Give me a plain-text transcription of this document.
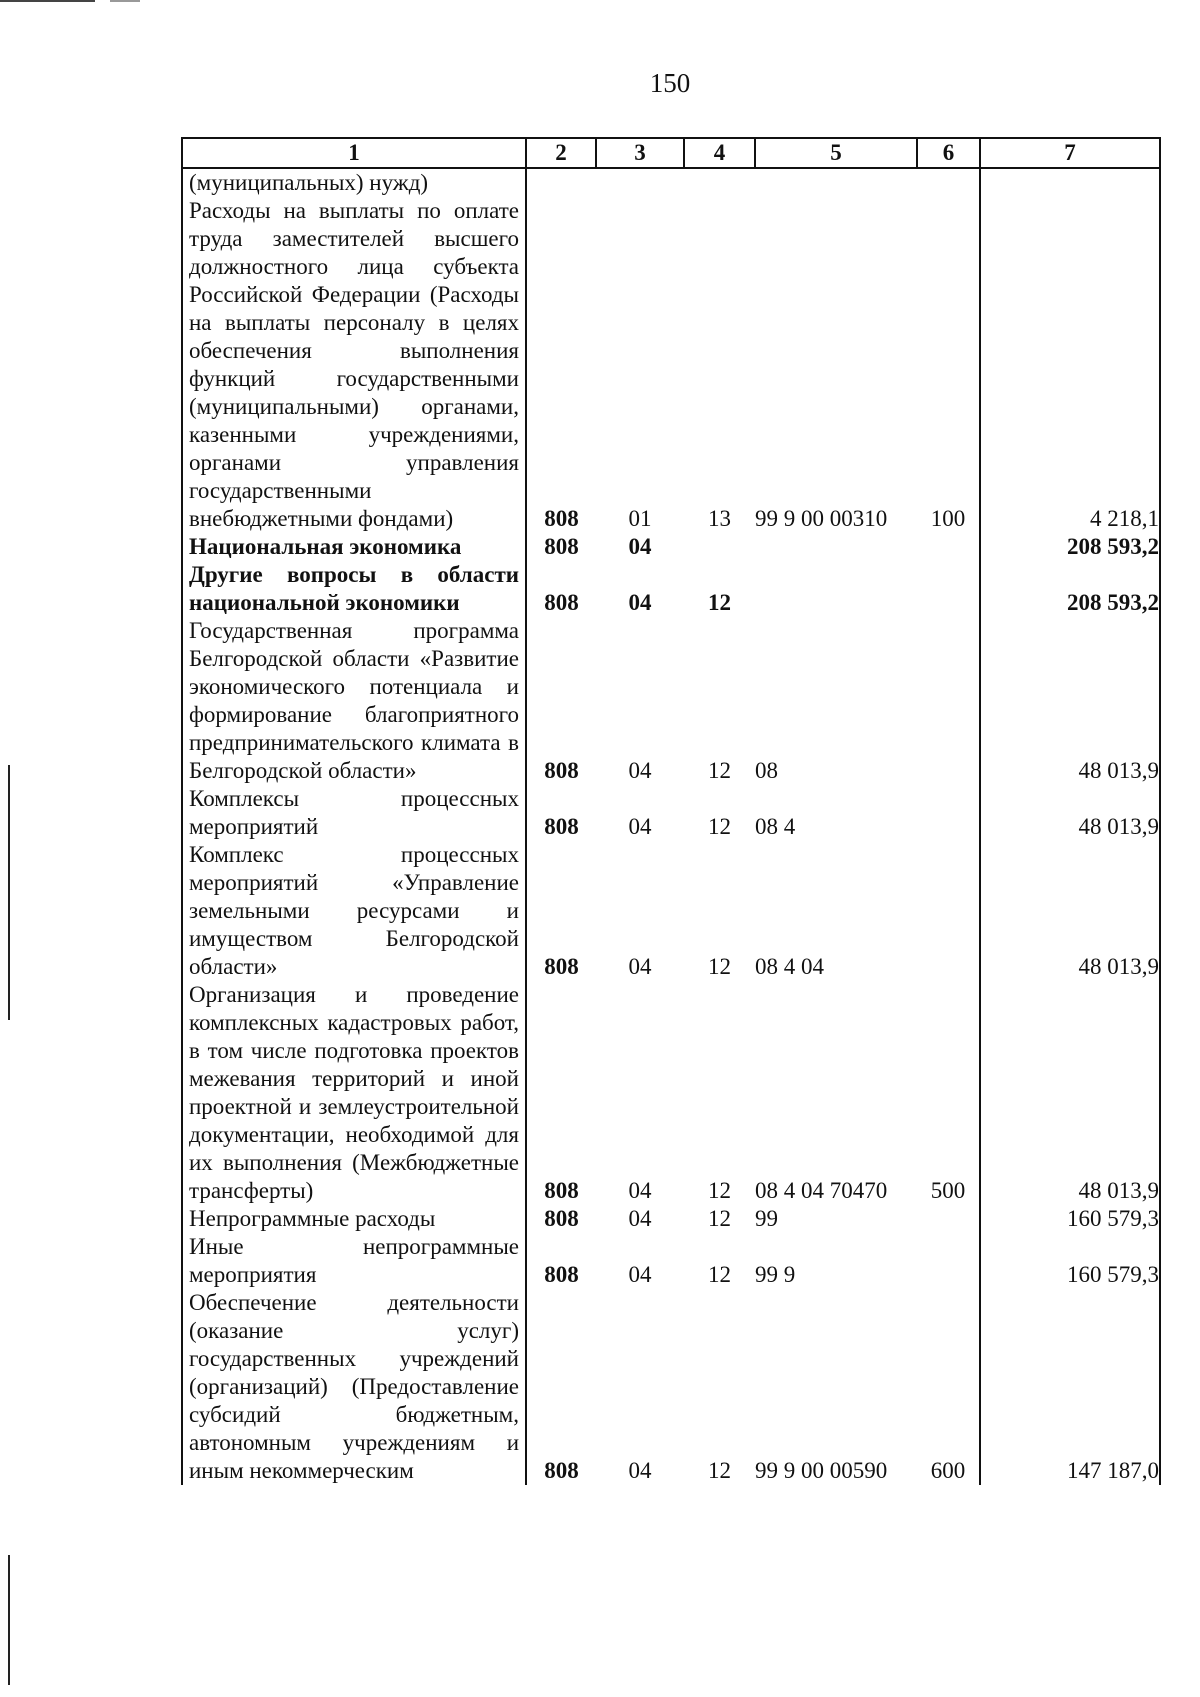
150
1	2	3	4	5	6	7
(муниципальных) нужд)						
Расходы на выплаты по оплате труда заместителей высшего должностного лица субъекта Российской Федерации (Расходы на выплаты персоналу в целях обеспечения выполнения функций государственными (муниципальными) органами, казенными учреждениями, органами управления государственными внебюджетными фондами)	808	01	13	99 9 00 00310	100	4 218,1
Национальная экономика	808	04				208 593,2
Другие вопросы в области национальной экономики	808	04	12			208 593,2
Государственная программа Белгородской области «Развитие экономического потенциала и формирование благоприятного предпринимательского климата в Белгородской области»	808	04	12	08		48 013,9
Комплексы процессных мероприятий	808	04	12	08 4		48 013,9
Комплекс процессных мероприятий «Управление земельными ресурсами и имуществом Белгородской области»	808	04	12	08 4 04		48 013,9
Организация и проведение комплексных кадастровых работ, в том числе подготовка проектов межевания территорий и иной проектной и землеустроительной документации, необходимой для их выполнения (Межбюджетные трансферты)	808	04	12	08 4 04 70470	500	48 013,9
Непрограммные расходы	808	04	12	99		160 579,3
Иные непрограммные мероприятия	808	04	12	99 9		160 579,3
Обеспечение деятельности (оказание услуг) государственных учреждений (организаций) (Предоставление субсидий бюджетным, автономным учреждениям и иным некоммерческим	808	04	12	99 9 00 00590	600	147 187,0
